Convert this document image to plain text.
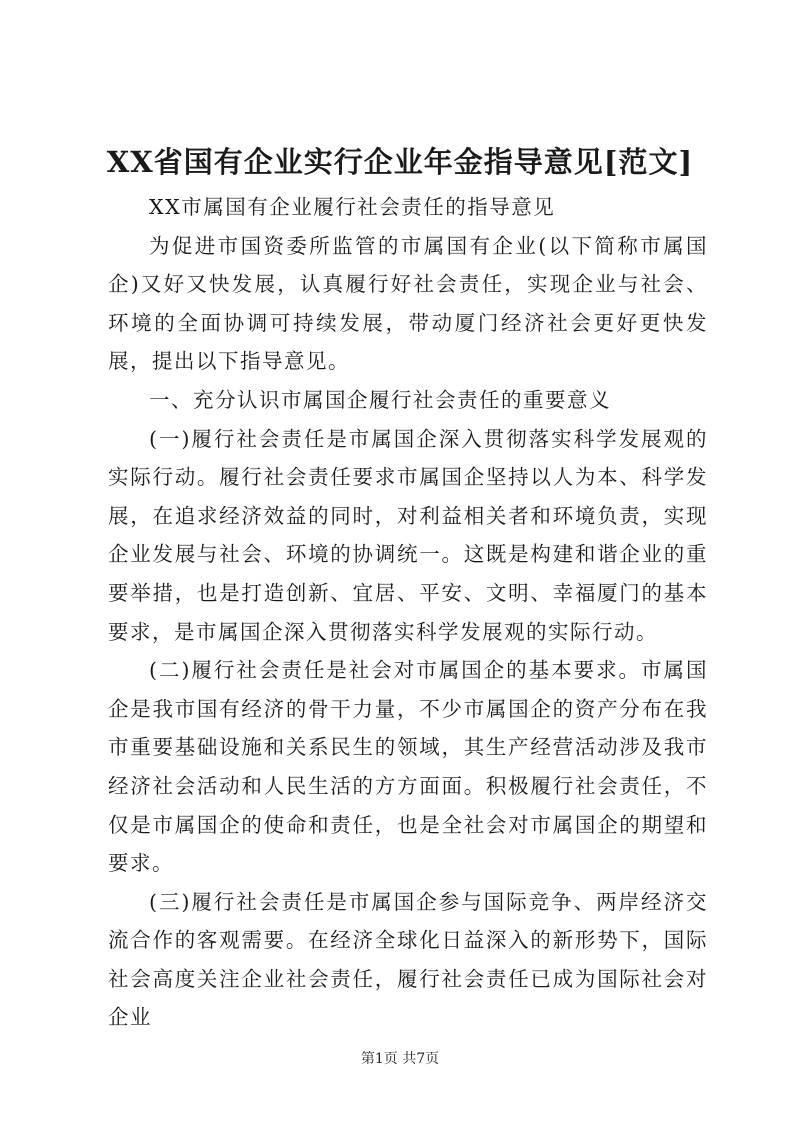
XX省国有企业实行企业年金指导意见[范文]

XX市属国有企业履行社会责任的指导意见

为促进市国资委所监管的市属国有企业(以下简称市属国企)又好又快发展，认真履行好社会责任，实现企业与社会、环境的全面协调可持续发展，带动厦门经济社会更好更快发展，提出以下指导意见。

一、充分认识市属国企履行社会责任的重要意义

(一)履行社会责任是市属国企深入贯彻落实科学发展观的实际行动。履行社会责任要求市属国企坚持以人为本、科学发展，在追求经济效益的同时，对利益相关者和环境负责，实现企业发展与社会、环境的协调统一。这既是构建和谐企业的重要举措，也是打造创新、宜居、平安、文明、幸福厦门的基本要求，是市属国企深入贯彻落实科学发展观的实际行动。

(二)履行社会责任是社会对市属国企的基本要求。市属国企是我市国有经济的骨干力量，不少市属国企的资产分布在我市重要基础设施和关系民生的领域，其生产经营活动涉及我市经济社会活动和人民生活的方方面面。积极履行社会责任，不仅是市属国企的使命和责任，也是全社会对市属国企的期望和要求。

(三)履行社会责任是市属国企参与国际竞争、两岸经济交流合作的客观需要。在经济全球化日益深入的新形势下，国际社会高度关注企业社会责任，履行社会责任已成为国际社会对企业

第1页 共7页
